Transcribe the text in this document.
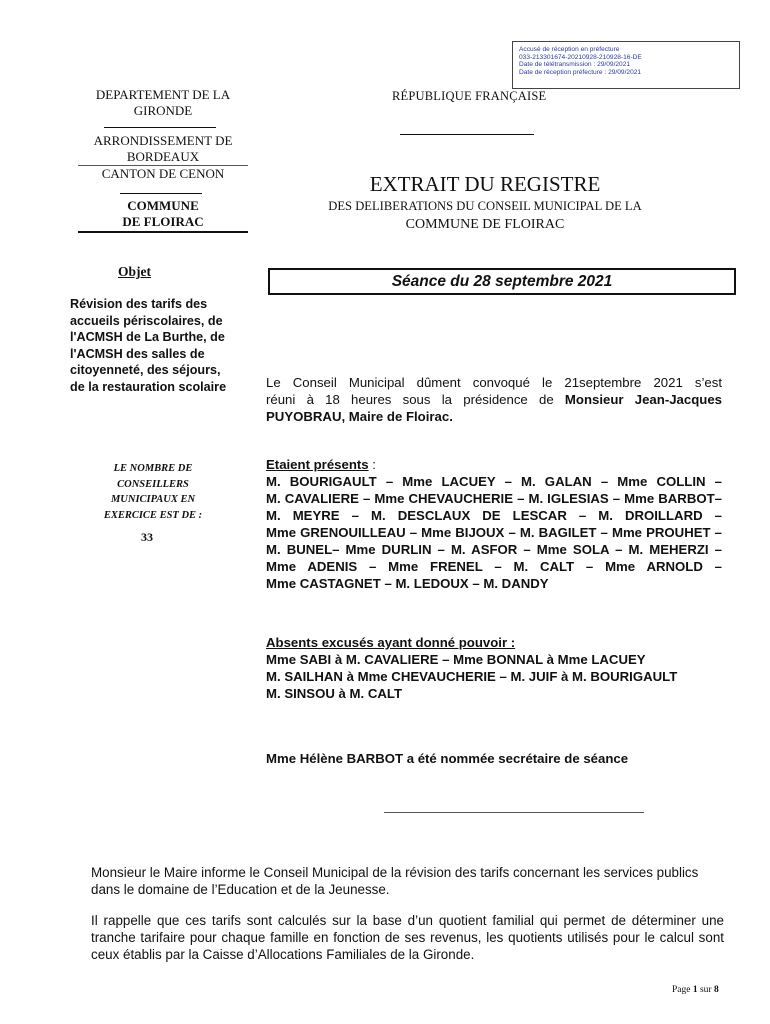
Accusé de réception en préfecture
033-213301674-20210928-210928-16-DE
Date de télétransmission : 29/09/2021
Date de réception préfecture : 29/09/2021
DEPARTEMENT DE LA
GIRONDE
ARRONDISSEMENT DE
BORDEAUX
CANTON DE CENON
COMMUNE
DE FLOIRAC
RÉPUBLIQUE FRANÇAISE
EXTRAIT DU REGISTRE
DES DELIBERATIONS DU CONSEIL MUNICIPAL DE LA
COMMUNE DE FLOIRAC
Séance du 28 septembre 2021
Objet
Révision des tarifs des accueils périscolaires, de l'ACMSH de La Burthe, de l'ACMSH des salles de citoyenneté, des séjours, de la restauration scolaire
LE NOMBRE DE
CONSEILLERS
MUNICIPAUX EN
EXERCICE EST DE :
33
Le Conseil Municipal dûment convoqué le 21septembre 2021 s’est
réuni à 18 heures sous la présidence de Monsieur Jean-Jacques
PUYOBRAU, Maire de Floirac.
Etaient présents :
M. BOURIGAULT – Mme LACUEY – M. GALAN – Mme COLLIN –
M. CAVALIERE – Mme CHEVAUCHERIE – M. IGLESIAS – Mme BARBOT–
M. MEYRE – M. DESCLAUX DE LESCAR – M. DROILLARD –
Mme GRENOUILLEAU – Mme BIJOUX – M. BAGILET – Mme PROUHET –
M. BUNEL– Mme DURLIN – M. ASFOR – Mme SOLA – M. MEHERZI –
Mme ADENIS – Mme FRENEL – M. CALT – Mme ARNOLD –
Mme CASTAGNET – M. LEDOUX – M. DANDY
Absents excusés ayant donné pouvoir :
Mme SABI à M. CAVALIERE – Mme BONNAL à Mme LACUEY
M. SAILHAN à Mme CHEVAUCHERIE – M. JUIF à M. BOURIGAULT
M. SINSOU à M. CALT
Mme Hélène BARBOT a été nommée secrétaire de séance
Monsieur le Maire informe le Conseil Municipal de la révision des tarifs concernant les services publics dans le domaine de l’Education et de la Jeunesse.
Il rappelle que ces tarifs sont calculés sur la base d’un quotient familial qui permet de déterminer une tranche tarifaire pour chaque famille en fonction de ses revenus, les quotients utilisés pour le calcul sont ceux établis par la Caisse d’Allocations Familiales de la Gironde.
Page 1 sur 8
